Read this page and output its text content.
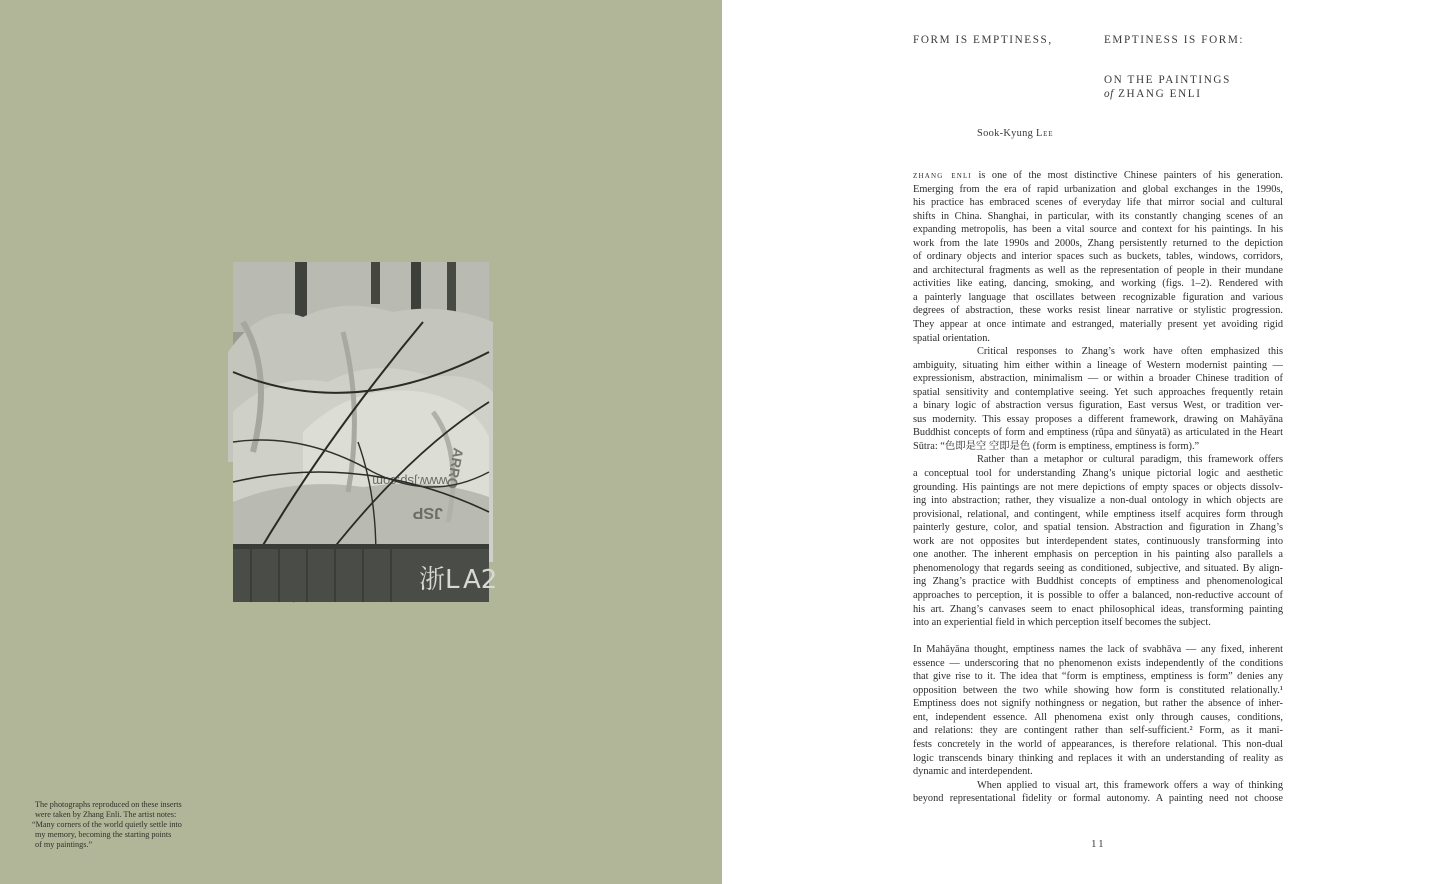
www.jsp.com
JSP
ARRO
浙 L A2
The photographs reproduced on these inserts
were taken by Zhang Enli. The artist notes:
“Many corners of the world quietly settle into
my memory, becoming the starting points
of my paintings.”
FORM IS EMPTINESS,	EMPTINESS IS FORM:
ON THE PAINTINGS
of ZHANG ENLI
Sook-Kyung Lee
zhang enli is one of the most distinctive Chinese painters of his generation.
Emerging from the era of rapid urbanization and global exchanges in the 1990s,
his practice has embraced scenes of everyday life that mirror social and cultural
shifts in China. Shanghai, in particular, with its constantly changing scenes of an
expanding metropolis, has been a vital source and context for his paintings. In his
work from the late 1990s and 2000s, Zhang persistently returned to the depiction
of ordinary objects and interior spaces such as buckets, tables, windows, corridors,
and architectural fragments as well as the representation of people in their mundane
activities like eating, dancing, smoking, and working (figs. 1–2). Rendered with
a painterly language that oscillates between recognizable figuration and various
degrees of abstraction, these works resist linear narrative or stylistic progression.
They appear at once intimate and estranged, materially present yet avoiding rigid
spatial orientation.
Critical responses to Zhang’s work have often emphasized this
ambiguity, situating him either within a lineage of Western modernist painting —
expressionism, abstraction, minimalism — or within a broader Chinese tradition of
spatial sensitivity and contemplative seeing. Yet such approaches frequently retain
a binary logic of abstraction versus figuration, East versus West, or tradition ver-
sus modernity. This essay proposes a different framework, drawing on Mahāyāna
Buddhist concepts of form and emptiness (rūpa and śūnyatā) as articulated in the Heart
Sūtra: “色即是空 空即是色 (form is emptiness, emptiness is form).”
Rather than a metaphor or cultural paradigm, this framework offers
a conceptual tool for understanding Zhang’s unique pictorial logic and aesthetic
grounding. His paintings are not mere depictions of empty spaces or objects dissolv-
ing into abstraction; rather, they visualize a non-dual ontology in which objects are
provisional, relational, and contingent, while emptiness itself acquires form through
painterly gesture, color, and spatial tension. Abstraction and figuration in Zhang’s
work are not opposites but interdependent states, continuously transforming into
one another. The inherent emphasis on perception in his painting also parallels a
phenomenology that regards seeing as conditioned, subjective, and situated. By align-
ing Zhang’s practice with Buddhist concepts of emptiness and phenomenological
approaches to perception, it is possible to offer a balanced, non-reductive account of
his art. Zhang’s canvases seem to enact philosophical ideas, transforming painting
into an experiential field in which perception itself becomes the subject.
In Mahāyāna thought, emptiness names the lack of svabhāva — any fixed, inherent
essence — underscoring that no phenomenon exists independently of the conditions
that give rise to it. The idea that “form is emptiness, emptiness is form” denies any
opposition between the two while showing how form is constituted relationally.¹
Emptiness does not signify nothingness or negation, but rather the absence of inher-
ent, independent essence. All phenomena exist only through causes, conditions,
and relations: they are contingent rather than self-sufficient.² Form, as it mani-
fests concretely in the world of appearances, is therefore relational. This non-dual
logic transcends binary thinking and replaces it with an understanding of reality as
dynamic and interdependent.
When applied to visual art, this framework offers a way of thinking
beyond representational fidelity or formal autonomy. A painting need not choose
11
